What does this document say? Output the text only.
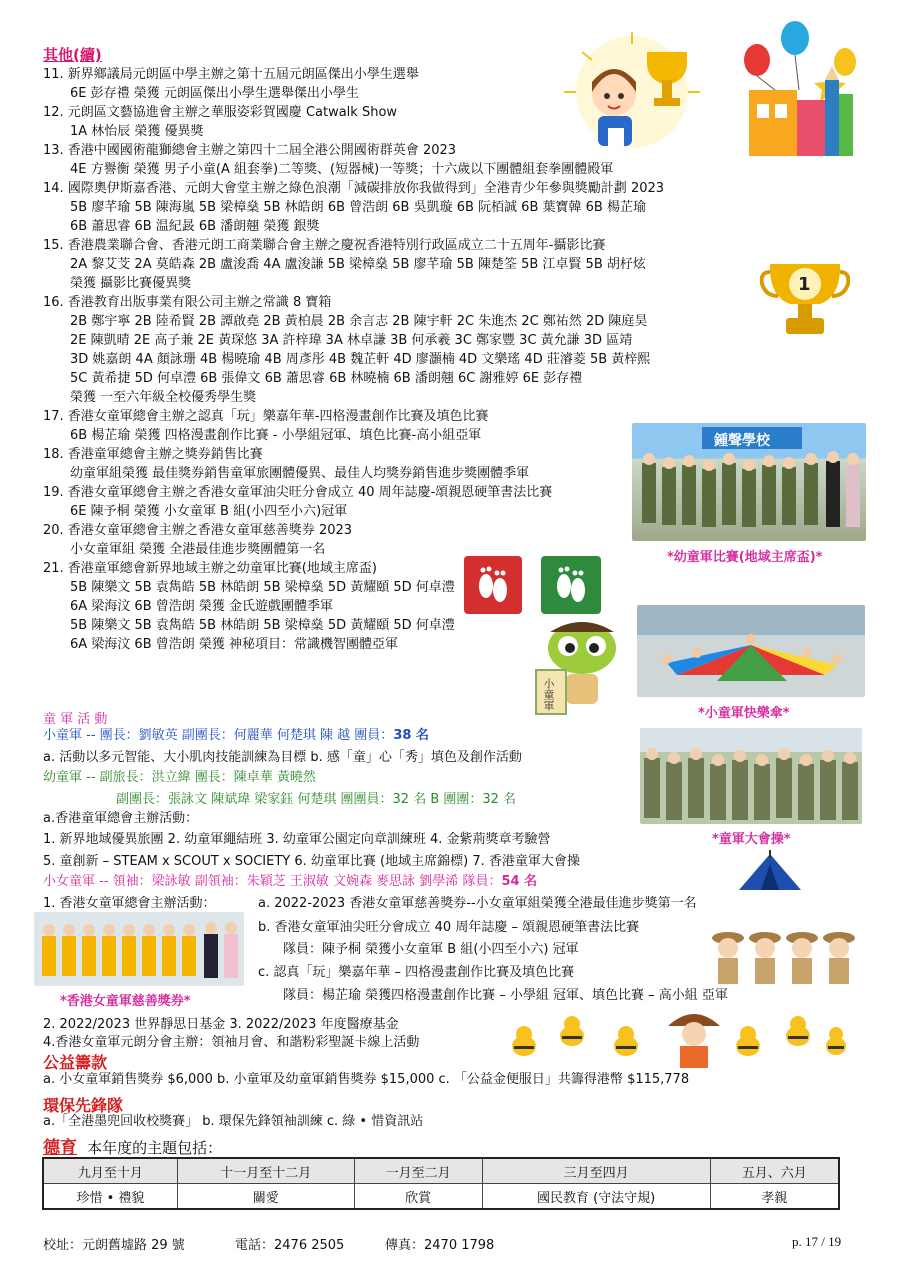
1
其他(續)
11. 新界鄉議局元朗區中學主辦之第十五屆元朗區傑出小學生選舉
6E 彭存禮 榮獲 元朗區傑出小學生選舉傑出小學生
12. 元朗區文藝協進會主辦之華服姿彩賀國慶 Catwalk Show
1A 林怡辰 榮獲 優異獎
13. 香港中國國術龍獅總會主辦之第四十二屆全港公開國術群英會 2023
4E 方譽衡 榮獲 男子小童(A 組套拳)二等獎、(短器械)一等獎；十六歲以下團體組套拳團體殿軍
14. 國際奧伊斯嘉香港、元朗大會堂主辦之綠色浪潮「減碳排放你我做得到」全港青少年參與獎勵計劃 2023
5B 廖芊瑜 5B 陳海嵐 5B 梁樟燊 5B 林皓朗 6B 曾浩朗 6B 吳凱璇 6B 阮栢誠 6B 葉寶韓 6B 楊芷瑜
6B 蕭思睿 6B 温紀晸 6B 潘朗翹 榮獲 銀獎
15. 香港農業聯合會、香港元朗工商業聯合會主辦之慶祝香港特別行政區成立二十五周年-攝影比賽
2A 黎艾芠 2A 莫皓森 2B 盧浚喬 4A 盧浚謙 5B 梁樟燊 5B 廖芊瑜 5B 陳楚筌 5B 江卓賢 5B 胡杍炫
榮獲 攝影比賽優異獎
16. 香港教育出版事業有限公司主辦之常識 8 寶箱
2B 鄭宇寧 2B 陸希賢 2B 譚啟堯 2B 黃柏晨 2B 余言志 2B 陳宇軒 2C 朱進杰 2C 鄭祐然 2D 陳庭昊
2E 陳凱晴 2E 高子兼 2E 黃琛悠 3A 許梓瑋 3A 林卓謙 3B 何承羲 3C 鄭家豐 3C 黃允謙 3D 區靖
3D 姚嘉朗 4A 顏詠珊 4B 楊曉瑜 4B 周彥彤 4B 魏芷軒 4D 廖灝楠 4D 文樂瑤 4D 莊濬菱 5B 黃梓熙
5C 黃希捷 5D 何卓澧 6B 張偉文 6B 蕭思睿 6B 林曉楠 6B 潘朗翹 6C 謝雅婷 6E 彭存禮
榮獲 一至六年級全校優秀學生獎
17. 香港女童軍總會主辦之認真「玩」樂嘉年華-四格漫畫創作比賽及填色比賽
6B 楊芷瑜 榮獲 四格漫畫創作比賽 - 小學組冠軍、填色比賽-高小組亞軍
18. 香港童軍總會主辦之獎券銷售比賽
幼童軍組榮獲 最佳獎券銷售童軍旅團體優異、最佳人均獎券銷售進步獎團體季軍
19. 香港女童軍總會主辦之香港女童軍油尖旺分會成立 40 周年誌慶-頌親恩硬筆書法比賽
6E 陳予桐 榮獲 小女童軍 B 組(小四至小六)冠軍
20. 香港女童軍總會主辦之香港女童軍慈善獎券 2023
小女童軍組 榮獲 全港最佳進步獎團體第一名
21. 香港童軍總會新界地域主辦之幼童軍比賽(地域主席盃)
5B 陳樂文 5B 袁雋皓 5B 林皓朗 5B 梁樟燊 5D 黃耀頤 5D 何卓澧
6A 梁海汶 6B 曾浩朗 榮獲 金氏遊戲團體季軍
5B 陳樂文 5B 袁雋皓 5B 林皓朗 5B 梁樟燊 5D 黃耀頤 5D 何卓澧
6A 梁海汶 6B 曾浩朗 榮獲 神秘項目：常識機智團體亞軍
鍾聲學校
*幼童軍比賽(地域主席盃)*
小童軍
*小童軍快樂傘*
*童軍大會操*
童 軍 活 動
小童軍 -- 團長：劉敏英 副團長：何麗華 何楚琪 陳 越 團員：38 名
a. 活動以多元智能、大小肌肉技能訓練為目標 b. 感「童」心「秀」填色及創作活動
幼童軍 -- 副旅長：洪立緯 團長：陳卓華 黃曉然
副團長：張詠文 陳斌瑋 梁家鈺 何楚琪 團團員：32 名 B 團團：32 名
a.香港童軍總會主辦活動：
1. 新界地域優異旅團 2. 幼童軍繩結班 3. 幼童軍公園定向章訓練班 4. 金紫荊獎章考驗營
5. 童創新 – STEAM x SCOUT x SOCIETY 6. 幼童軍比賽 (地域主席錦標) 7. 香港童軍大會操
小女童軍 -- 領袖：梁詠敏 副領袖：朱穎芝 王淑敏 文婉森 麥思詠 劉學浠 隊員：54 名
1. 香港女童軍總會主辦活動：	a. 2022-2023 香港女童軍慈善獎券--小女童軍組榮獲全港最佳進步獎第一名
b. 香港女童軍油尖旺分會成立 40 周年誌慶 – 頌親恩硬筆書法比賽
隊員：陳予桐 榮獲小女童軍 B 組(小四至小六) 冠軍
c. 認真「玩」樂嘉年華 – 四格漫畫創作比賽及填色比賽
隊員：楊芷瑜 榮獲四格漫畫創作比賽 – 小學組 冠軍、填色比賽 – 高小組 亞軍
*香港女童軍慈善獎券*
2. 2022/2023 世界靜思日基金 3. 2022/2023 年度醫療基金
4.香港女童軍元朗分會主辦：領袖月會、和諧粉彩聖誕卡線上活動
公益籌款
a. 小女童軍銷售獎券 $6,000 b. 小童軍及幼童軍銷售獎券 $15,000 c. 「公益金便服日」共籌得港幣 $115,778
環保先鋒隊
a.「全港墨兜回收校獎賽」 b. 環保先鋒領袖訓練 c. 綠 • 惜資訊站
德育 本年度的主題包括：
九月至十月	十一月至十二月	一月至二月	三月至四月	五月、六月
珍惜 • 禮貌	關愛	欣賞	國民教育 (守法守規)	孝親
校址：元朗舊墟路 29 號	電話：2476 2505	傳真：2470 1798	p. 17 / 19
